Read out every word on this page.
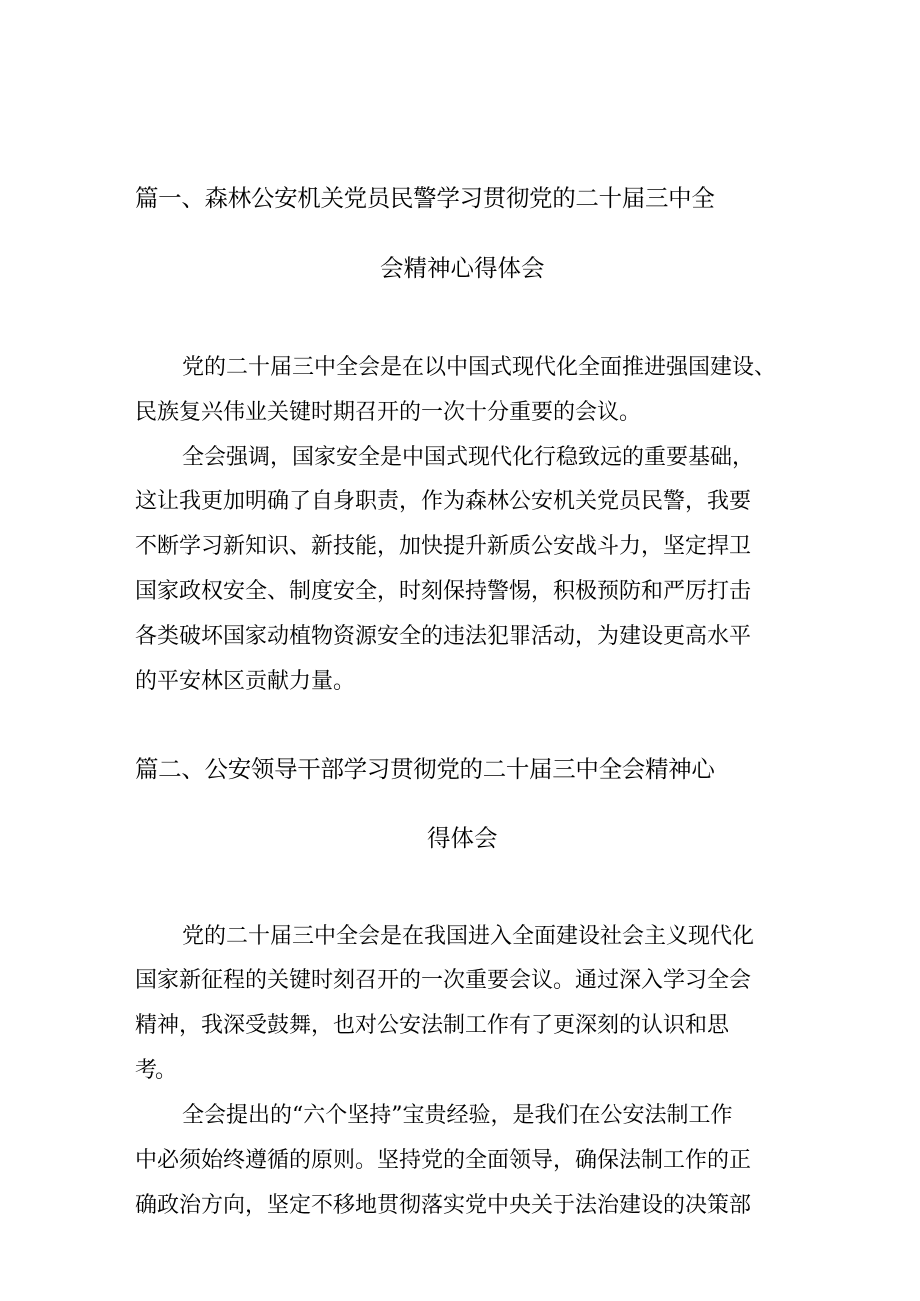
篇一、森林公安机关党员民警学习贯彻党的二十届三中全

会精神心得体会

党的二十届三中全会是在以中国式现代化全面推进强国建设、

民族复兴伟业关键时期召开的一次十分重要的会议。

全会强调，国家安全是中国式现代化行稳致远的重要基础，

这让我更加明确了自身职责，作为森林公安机关党员民警，我要

不断学习新知识、新技能，加快提升新质公安战斗力，坚定捍卫

国家政权安全、制度安全，时刻保持警惕，积极预防和严厉打击

各类破坏国家动植物资源安全的违法犯罪活动，为建设更高水平

的平安林区贡献力量。

篇二、公安领导干部学习贯彻党的二十届三中全会精神心

得体会

党的二十届三中全会是在我国进入全面建设社会主义现代化

国家新征程的关键时刻召开的一次重要会议。通过深入学习全会

精神，我深受鼓舞，也对公安法制工作有了更深刻的认识和思

考。

全会提出的“六个坚持”宝贵经验，是我们在公安法制工作

中必须始终遵循的原则。坚持党的全面领导，确保法制工作的正

确政治方向，坚定不移地贯彻落实党中央关于法治建设的决策部
